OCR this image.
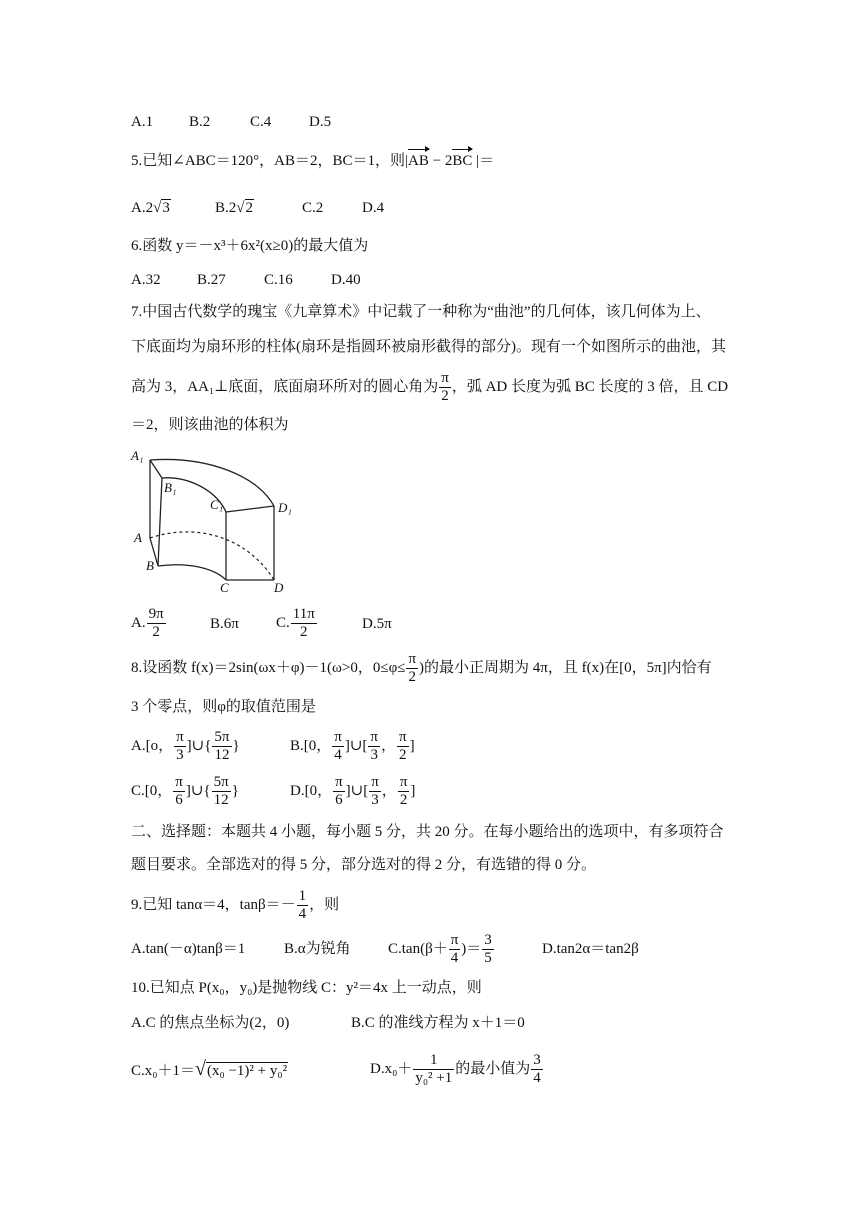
A.1 B.2	C.4	D.5
5.已知∠ABC＝120°，AB＝2，BC＝1，则|AB − 2BC |＝
A.2√3	B.2√2	C.2	D.4
6.函数 y＝－x³＋6x²(x≥0)的最大值为
A.32 B.27	C.16	D.40
7.中国古代数学的瑰宝《九章算术》中记载了一种称为“曲池”的几何体，该几何体为上、
下底面均为扇环形的柱体(扇环是指圆环被扇形截得的部分)。现有一个如图所示的曲池，其
高为 3，AA₁⊥底面，底面扇环所对的圆心角为 $\frac{\pi}{2}$ ，弧 AD 长度为弧 BC 长度的 3 倍，且 CD
＝2，则该曲池的体积为
A₁
B₁
C₁	D₁
A
B
C	D
A. $\frac{9\pi}{2}$	B.6π C. $\frac{11\pi}{2}$	D.5π
8.设函数 f(x)＝2sin(ωx＋φ)－1(ω>0，$0\le\varphi\le \frac{\pi}{2}$ )的最小正周期为 4π，且 f(x)在[0，5π]内恰有
3 个零点，则φ的取值范围是
A.[o， $\frac{\pi}{3}$ ]∪{ $\frac{5\pi}{12}$ }	B.[0， $\frac{\pi}{4}$ ]∪[ $\frac{\pi}{3}$ ， $\frac{\pi}{2}$ ]
C.[0， $\frac{\pi}{6}$ ]∪{ $\frac{5\pi}{12}$ }	D.[0， $\frac{\pi}{6}$ ]∪[ $\frac{\pi}{3}$ ， $\frac{\pi}{2}$ ]
二、选择题：本题共 4 小题，每小题 5 分，共 20 分。在每小题给出的选项中，有多项符合
题目要求。全部选对的得 5 分，部分选对的得 2 分，有选错的得 0 分。
9.已知 tanα＝4，$\tan\beta=- \frac{1}{4}$ ，则
A.tan(－α)tanβ＝1	B.α为锐角 $C.\tan(\beta+ \frac{\pi}{4}$ )＝ $\frac{3}{5}$	D.tan2α＝tan2β
10.已知点 P(x₀，y₀)是抛物线 C：y²＝4x 上一动点，则
A.C 的焦点坐标为(2，0)	B.C 的准线方程为 x＋1＝0
C.x₀＋1＝√(x₀ −1)² + y₀²	$D.x_0+ \frac{1}{\text{y₀² +1}}$ 的最小值为 $\frac{3}{4}$
